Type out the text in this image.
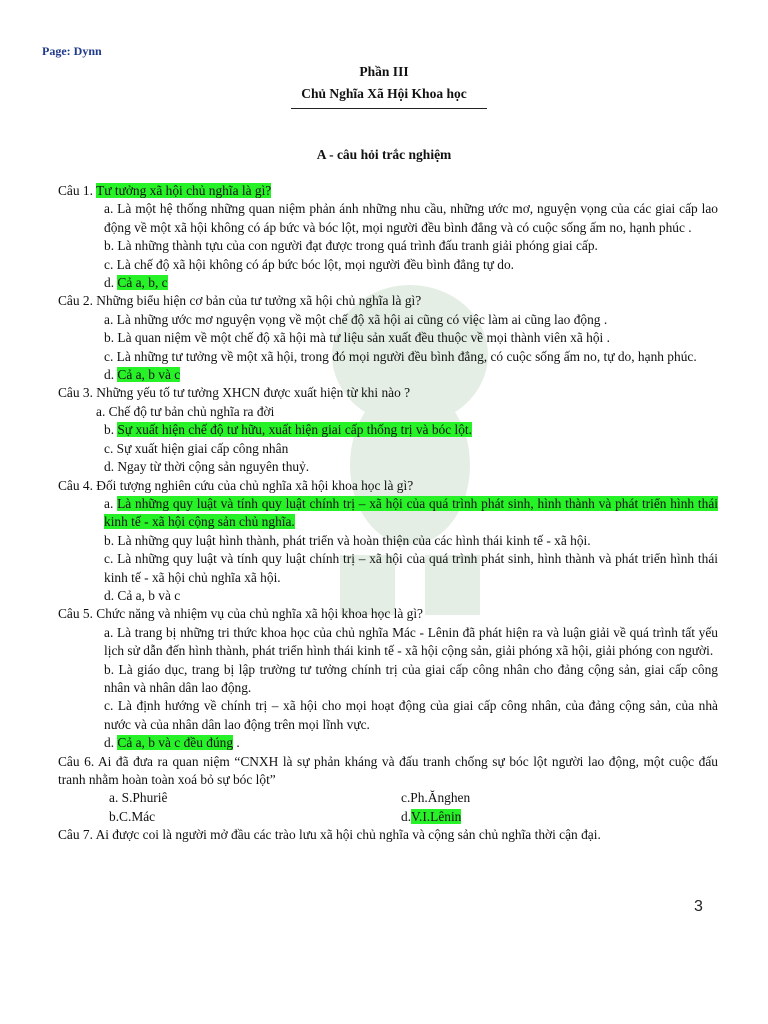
Page: Dynn
Phần III
Chủ Nghĩa Xã Hội Khoa học
A - câu hỏi trắc nghiệm
Câu 1. Tư tưởng xã hội chủ nghĩa là gì?
a. Là một hệ thống những quan niệm phản ánh những nhu cầu, những ước mơ, nguyện vọng của các giai cấp lao động về một xã hội không có áp bức và bóc lột, mọi người đều bình đẳng và có cuộc sống ấm no, hạnh phúc .
b. Là những thành tựu của con người đạt được trong quá trình đấu tranh giải phóng giai cấp.
c. Là chế độ xã hội không có áp bức bóc lột, mọi người đều bình đẳng tự do.
d. Cả a, b, c
Câu 2. Những biểu hiện cơ bản của tư tưởng xã hội chủ nghĩa là gì?
a. Là những ước mơ nguyện vọng về một chế độ xã hội ai cũng có việc làm ai cũng lao động .
b. Là quan niệm về một chế độ xã hội mà tư liệu sản xuất đều thuộc về mọi thành viên xã hội .
c. Là những tư tưởng về một xã hội, trong đó mọi người đều bình đẳng, có cuộc sống ấm no, tự do, hạnh phúc.
d. Cả a, b và c
Câu 3. Những yếu tố tư tưởng XHCN được xuất hiện từ khi nào ?
a. Chế độ tư bản chủ nghĩa ra đời
b. Sự xuất hiện chế độ tư hữu, xuất hiện giai cấp thống trị và bóc lột.
c. Sự xuất hiện giai cấp công nhân
d. Ngay từ thời cộng sản nguyên thuỷ.
Câu 4. Đối tượng nghiên cứu của chủ nghĩa xã hội khoa học là gì?
a. Là những quy luật và tính quy luật chính trị – xã hội của quá trình phát sinh, hình thành và phát triển hình thái kinh tế - xã hội cộng sản chủ nghĩa.
b. Là những quy luật hình thành, phát triển và hoàn thiện của các hình thái kinh tế - xã hội.
c. Là những quy luật và tính quy luật chính trị – xã hội của quá trình phát sinh, hình thành và phát triển hình thái kinh tế - xã hội chủ nghĩa xã hội.
d. Cả a, b và c
Câu 5. Chức năng và nhiệm vụ của chủ nghĩa xã hội khoa học là gì?
a. Là trang bị những tri thức khoa học của chủ nghĩa Mác - Lênin đã phát hiện ra và luận giải về quá trình tất yếu lịch sử dẫn đến hình thành, phát triển hình thái kinh tế - xã hội cộng sản, giải phóng xã hội, giải phóng con người.
b. Là giáo dục, trang bị lập trường tư tưởng chính trị của giai cấp công nhân cho đảng cộng sản, giai cấp công nhân và nhân dân lao động.
c. Là định hướng về chính trị – xã hội cho mọi hoạt động của giai cấp công nhân, của đảng cộng sản, của nhà nước và của nhân dân lao động trên mọi lĩnh vực.
d. Cả a, b và c đều đúng .
Câu 6. Ai đã đưa ra quan niệm “CNXH là sự phản kháng và đấu tranh chống sự bóc lột người lao động, một cuộc đấu tranh nhằm hoàn toàn xoá bỏ sự bóc lột”
a. S.Phuriê	c.Ph.Ănghen
b.C.Mác	d.V.I.Lênin
Câu 7. Ai được coi là người mở đầu các trào lưu xã hội chủ nghĩa và cộng sản chủ nghĩa thời cận đại.
3
